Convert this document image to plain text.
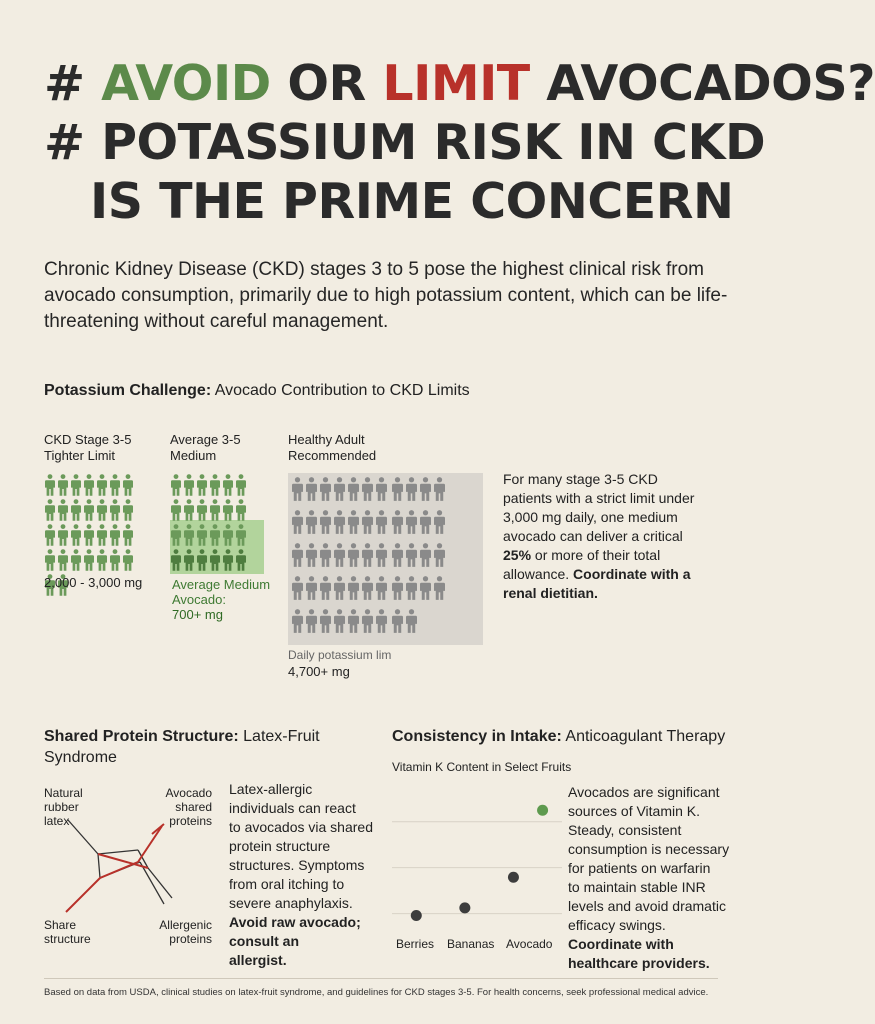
# AVOID OR LIMIT AVOCADOS?
# POTASSIUM RISK IN CKD
IS THE PRIME CONCERN

Chronic Kidney Disease (CKD) stages 3 to 5 pose the highest clinical risk from avocado consumption, primarily due to high potassium content, which can be life-threatening without careful management.

Potassium Challenge: Avocado Contribution to CKD Limits

CKD Stage 3-5
Tighter Limit

Average 3-5
Medium

Healthy Adult
Recommended

2,000 - 3,000 mg Average Medium
Avocado:
700+ mg
Daily potassium lim
4,700+ mg
For many stage 3-5 CKD
patients with a strict limit under
3,000 mg daily, one medium
avocado can deliver a critical
25% or more of their total
allowance. Coordinate with a
renal dietitian.

Shared Protein Structure: Latex-Fruit
Syndrome

Natural
rubber
latex
Avocado
shared
proteins
Share
structure
Allergenic
proteins
Latex-allergic
individuals can react
to avocados via shared
protein structure
structures. Symptoms
from oral itching to
severe anaphylaxis.
Avoid raw avocado;
consult an
allergist.

Consistency in Intake: Anticoagulant Therapy

Vitamin K Content in Select Fruits
Berries Bananas Avocado
Avocados are significant
sources of Vitamin K.
Steady, consistent
consumption is necessary
for patients on warfarin
to maintain stable INR
levels and avoid dramatic
efficacy swings.
Coordinate with
healthcare providers.
Based on data from USDA, clinical studies on latex-fruit syndrome, and guidelines for CKD stages 3-5. For health concerns, seek professional medical advice.
